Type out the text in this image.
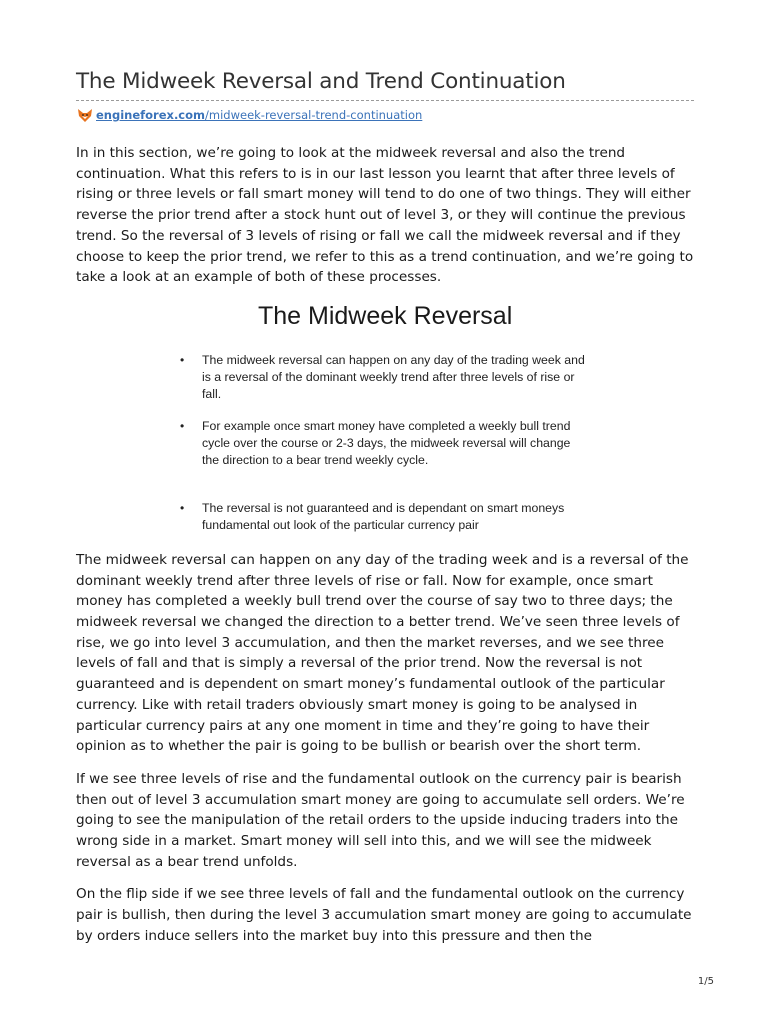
The Midweek Reversal and Trend Continuation
engineforex.com /midweek-reversal-trend-continuation

In in this section, we’re going to look at the midweek reversal and also the trend continuation. What this refers to is in our last lesson you learnt that after three levels of rising or three levels or fall smart money will tend to do one of two things. They will either reverse the prior trend after a stock hunt out of level 3, or they will continue the previous trend. So the reversal of 3 levels of rising or fall we call the midweek reversal and if they choose to keep the prior trend, we refer to this as a trend continuation, and we’re going to take a look at an example of both of these processes.

The Midweek Reversal
•	The midweek reversal can happen on any day of the trading week and is a reversal of the dominant weekly trend after three levels of rise or fall.
•	For example once smart money have completed a weekly bull trend cycle over the course or 2-3 days, the midweek reversal will change the direction to a bear trend weekly cycle.
•	The reversal is not guaranteed and is dependant on smart moneys fundamental out look of the particular currency pair

The midweek reversal can happen on any day of the trading week and is a reversal of the dominant weekly trend after three levels of rise or fall. Now for example, once smart money has completed a weekly bull trend over the course of say two to three days; the midweek reversal we changed the direction to a better trend. We’ve seen three levels of rise, we go into level 3 accumulation, and then the market reverses, and we see three levels of fall and that is simply a reversal of the prior trend. Now the reversal is not guaranteed and is dependent on smart money’s fundamental outlook of the particular currency. Like with retail traders obviously smart money is going to be analysed in particular currency pairs at any one moment in time and they’re going to have their opinion as to whether the pair is going to be bullish or bearish over the short term.

If we see three levels of rise and the fundamental outlook on the currency pair is bearish then out of level 3 accumulation smart money are going to accumulate sell orders. We’re going to see the manipulation of the retail orders to the upside inducing traders into the wrong side in a market. Smart money will sell into this, and we will see the midweek reversal as a bear trend unfolds.

On the flip side if we see three levels of fall and the fundamental outlook on the currency pair is bullish, then during the level 3 accumulation smart money are going to accumulate by orders induce sellers into the market buy into this pressure and then the

1/5
